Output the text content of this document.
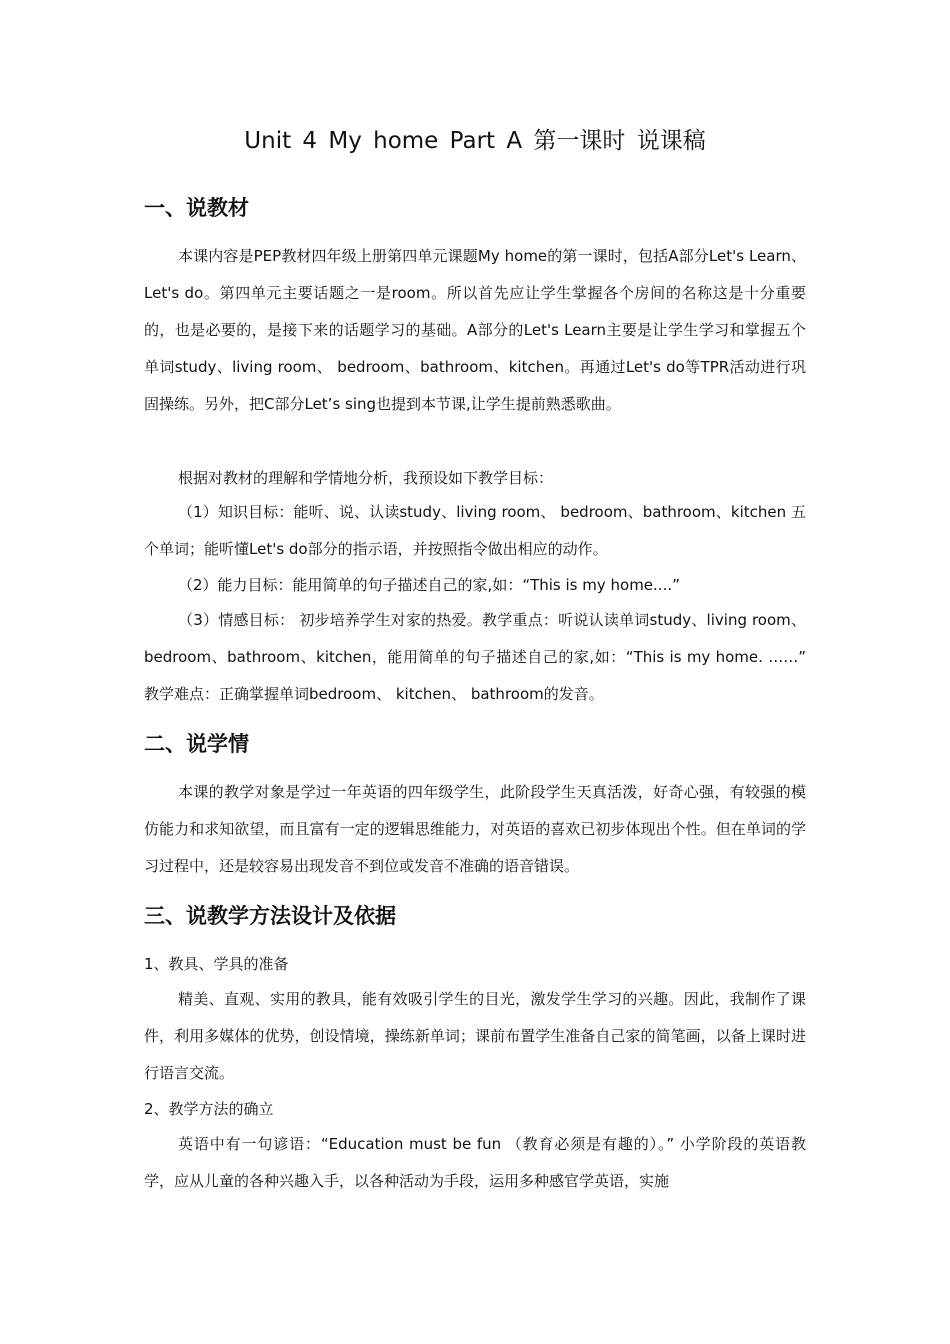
Unit 4 My home Part A 第一课时 说课稿
一、说教材

本课内容是PEP教材四年级上册第四单元课题My home的第一课时，包括A部分Let's Learn、 Let's do。第四单元主要话题之一是room。所以首先应让学生掌握各个房间的名称这是十分重要的，也是必要的，是接下来的话题学习的基础。A部分的Let's Learn主要是让学生学习和掌握五个单词study、living room、 bedroom、bathroom、kitchen。再通过Let's do等TPR活动进行巩固操练。另外，把C部分Let’s sing也提到本节课,让学生提前熟悉歌曲。

根据对教材的理解和学情地分析，我预设如下教学目标：

（1）知识目标：能听、说、认读study、living room、 bedroom、bathroom、kitchen 五个单词；能听懂Let's do部分的指示语，并按照指令做出相应的动作。

（2）能力目标：能用简单的句子描述自己的家,如：“This is my home....”

（3）情感目标： 初步培养学生对家的热爱。教学重点：听说认读单词study、living room、 bedroom、bathroom、kitchen，能用简单的句子描述自己的家,如：“This is my home. ……” 教学难点：正确掌握单词bedroom、 kitchen、 bathroom的发音。

二、说学情

本课的教学对象是学过一年英语的四年级学生，此阶段学生天真活泼，好奇心强，有较强的模仿能力和求知欲望，而且富有一定的逻辑思维能力，对英语的喜欢已初步体现出个性。但在单词的学习过程中，还是较容易出现发音不到位或发音不准确的语音错误。

三、说教学方法设计及依据
1、教具、学具的准备

精美、直观、实用的教具，能有效吸引学生的目光，激发学生学习的兴趣。因此，我制作了课件，利用多媒体的优势，创设情境，操练新单词；课前布置学生准备自己家的简笔画，以备上课时进行语言交流。

2、教学方法的确立

英语中有一句谚语：“Education must be fun （教育必须是有趣的）。” 小学阶段的英语教学，应从儿童的各种兴趣入手，以各种活动为手段，运用多种感官学英语，实施
